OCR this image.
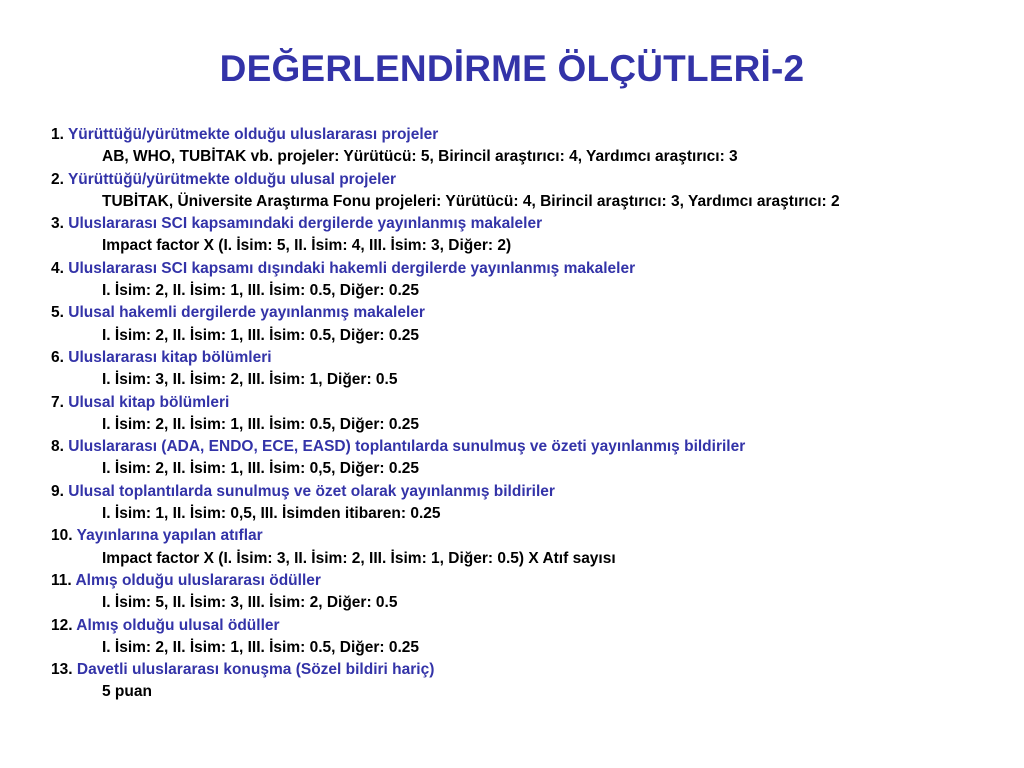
DEĞERLENDİRME ÖLÇÜTLERİ-2
1. Yürüttüğü/yürütmekte olduğu uluslararası projeler
AB, WHO, TUBİTAK vb. projeler: Yürütücü: 5, Birincil araştırıcı: 4, Yardımcı araştırıcı: 3
2. Yürüttüğü/yürütmekte olduğu ulusal projeler
TUBİTAK, Üniversite Araştırma Fonu projeleri: Yürütücü: 4, Birincil araştırıcı: 3, Yardımcı araştırıcı: 2
3. Uluslararası SCI kapsamındaki dergilerde yayınlanmış makaleler
Impact factor X (I. İsim: 5, II. İsim: 4, III. İsim: 3, Diğer: 2)
4. Uluslararası SCI kapsamı dışındaki hakemli dergilerde yayınlanmış makaleler
I. İsim: 2, II. İsim: 1, III. İsim: 0.5, Diğer: 0.25
5. Ulusal hakemli dergilerde yayınlanmış makaleler
I. İsim: 2, II. İsim: 1, III. İsim: 0.5, Diğer: 0.25
6. Uluslararası kitap bölümleri
I. İsim: 3, II. İsim: 2, III. İsim: 1, Diğer: 0.5
7. Ulusal kitap bölümleri
I. İsim: 2, II. İsim: 1, III. İsim: 0.5, Diğer: 0.25
8. Uluslararası (ADA, ENDO, ECE, EASD) toplantılarda sunulmuş ve özeti yayınlanmış bildiriler
I. İsim: 2, II. İsim: 1, III. İsim: 0,5, Diğer: 0.25
9. Ulusal toplantılarda sunulmuş ve özet olarak yayınlanmış bildiriler
I. İsim: 1, II. İsim: 0,5, III. İsimden itibaren: 0.25
10. Yayınlarına yapılan atıflar
Impact factor X (I. İsim: 3, II. İsim: 2, III. İsim: 1, Diğer: 0.5) X Atıf sayısı
11. Almış olduğu uluslararası ödüller
I. İsim: 5, II. İsim: 3, III. İsim: 2, Diğer: 0.5
12. Almış olduğu ulusal ödüller
I. İsim: 2, II. İsim: 1, III. İsim: 0.5, Diğer: 0.25
13. Davetli uluslararası konuşma (Sözel bildiri hariç)
5 puan
